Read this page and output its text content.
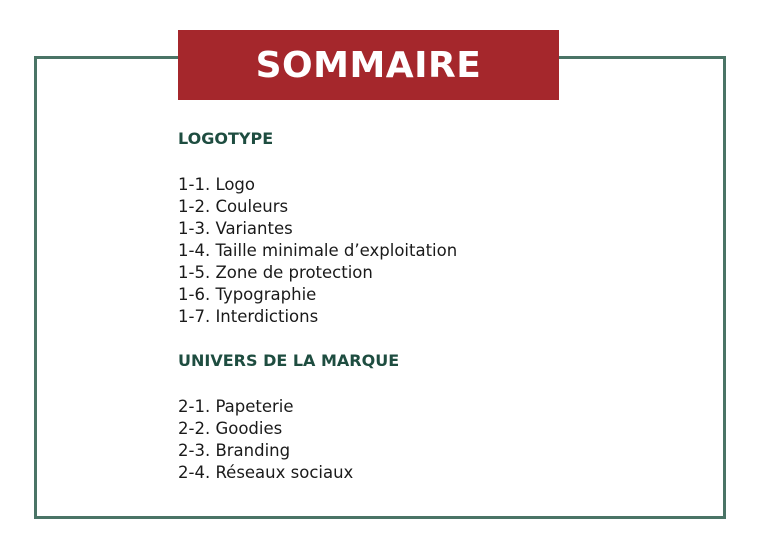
SOMMAIRE
LOGOTYPE
1-1. Logo
1-2. Couleurs
1-3. Variantes
1-4. Taille minimale d’exploitation
1-5. Zone de protection
1-6. Typographie
1-7. Interdictions
UNIVERS DE LA MARQUE
2-1. Papeterie
2-2. Goodies
2-3. Branding
2-4. Réseaux sociaux
